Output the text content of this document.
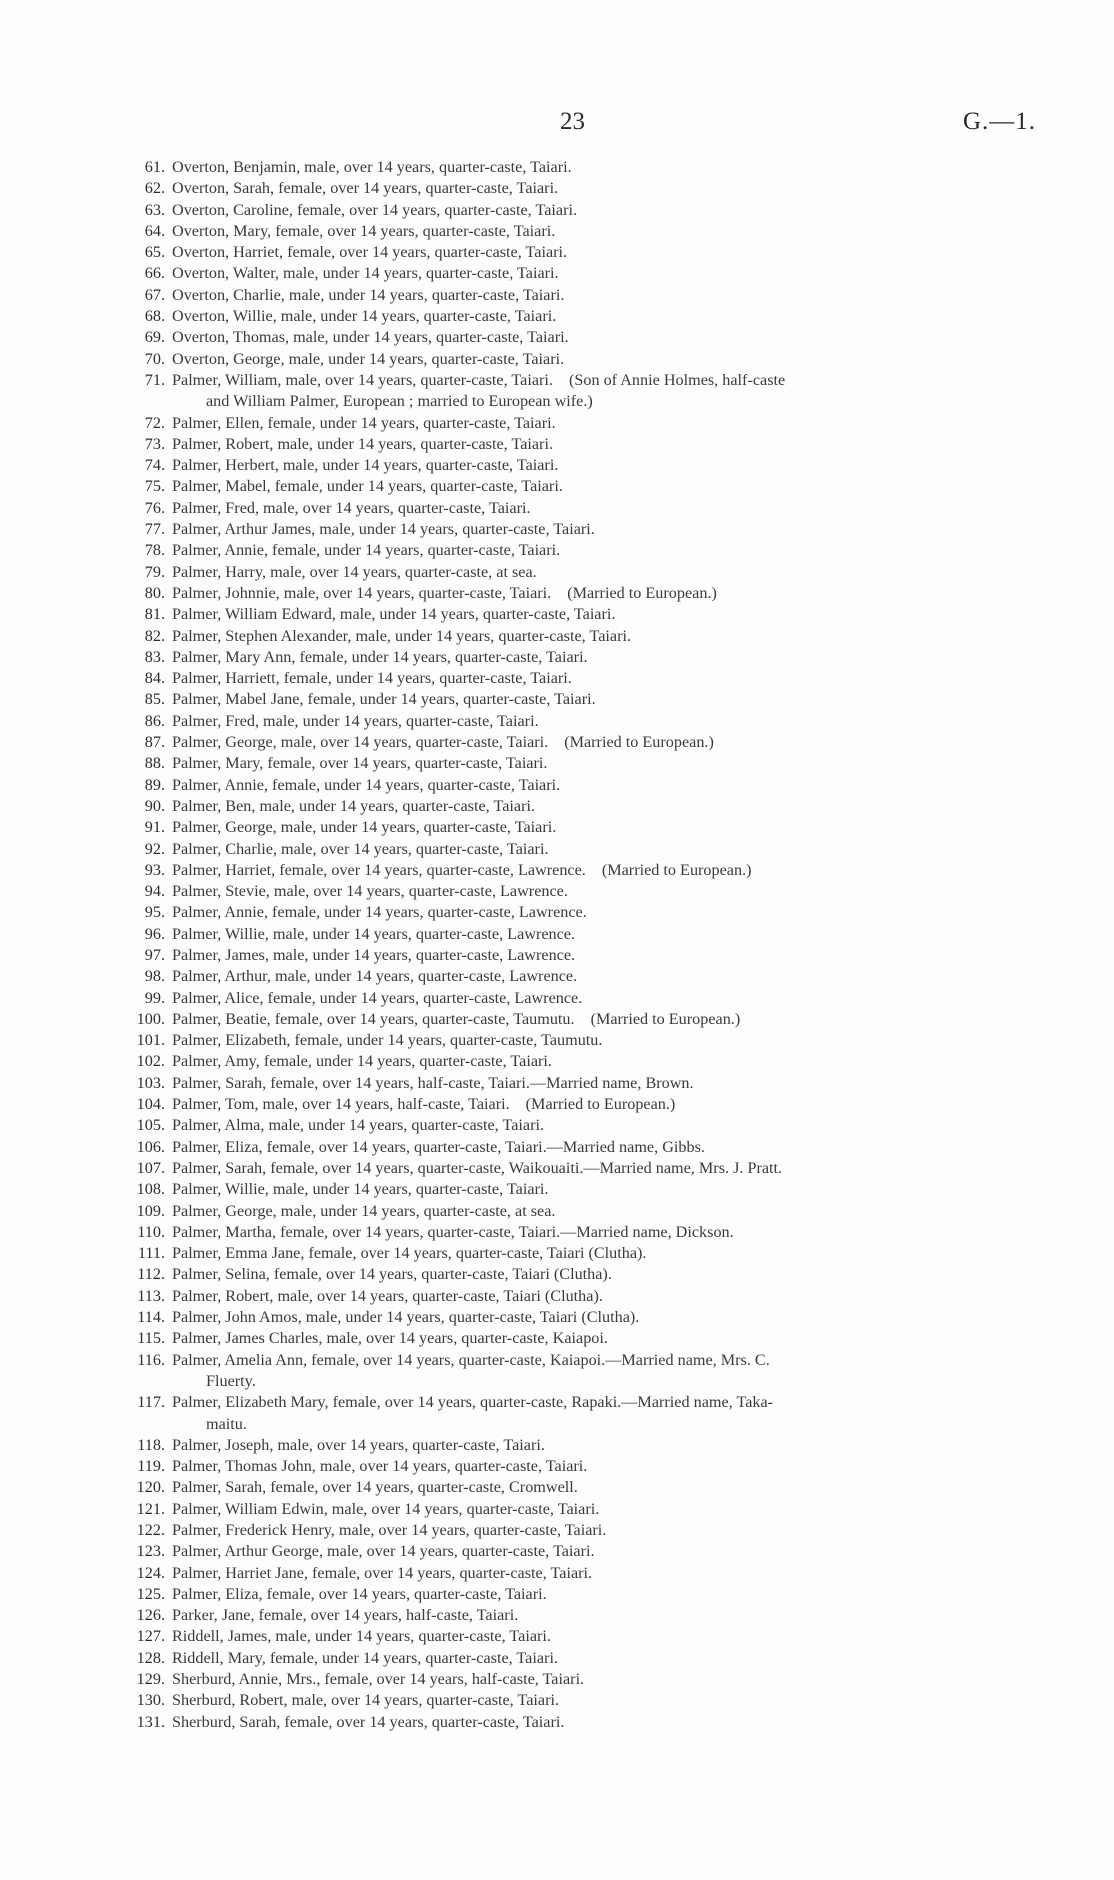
23	G.—1.
61. Overton, Benjamin, male, over 14 years, quarter-caste, Taiari.
62. Overton, Sarah, female, over 14 years, quarter-caste, Taiari.
63. Overton, Caroline, female, over 14 years, quarter-caste, Taiari.
64. Overton, Mary, female, over 14 years, quarter-caste, Taiari.
65. Overton, Harriet, female, over 14 years, quarter-caste, Taiari.
66. Overton, Walter, male, under 14 years, quarter-caste, Taiari.
67. Overton, Charlie, male, under 14 years, quarter-caste, Taiari.
68. Overton, Willie, male, under 14 years, quarter-caste, Taiari.
69. Overton, Thomas, male, under 14 years, quarter-caste, Taiari.
70. Overton, George, male, under 14 years, quarter-caste, Taiari.
71. Palmer, William, male, over 14 years, quarter-caste, Taiari. (Son of Annie Holmes, half-caste
and William Palmer, European ; married to European wife.)
72. Palmer, Ellen, female, under 14 years, quarter-caste, Taiari.
73. Palmer, Robert, male, under 14 years, quarter-caste, Taiari.
74. Palmer, Herbert, male, under 14 years, quarter-caste, Taiari.
75. Palmer, Mabel, female, under 14 years, quarter-caste, Taiari.
76. Palmer, Fred, male, over 14 years, quarter-caste, Taiari.
77. Palmer, Arthur James, male, under 14 years, quarter-caste, Taiari.
78. Palmer, Annie, female, under 14 years, quarter-caste, Taiari.
79. Palmer, Harry, male, over 14 years, quarter-caste, at sea.
80. Palmer, Johnnie, male, over 14 years, quarter-caste, Taiari. (Married to European.)
81. Palmer, William Edward, male, under 14 years, quarter-caste, Taiari.
82. Palmer, Stephen Alexander, male, under 14 years, quarter-caste, Taiari.
83. Palmer, Mary Ann, female, under 14 years, quarter-caste, Taiari.
84. Palmer, Harriett, female, under 14 years, quarter-caste, Taiari.
85. Palmer, Mabel Jane, female, under 14 years, quarter-caste, Taiari.
86. Palmer, Fred, male, under 14 years, quarter-caste, Taiari.
87. Palmer, George, male, over 14 years, quarter-caste, Taiari. (Married to European.)
88. Palmer, Mary, female, over 14 years, quarter-caste, Taiari.
89. Palmer, Annie, female, under 14 years, quarter-caste, Taiari.
90. Palmer, Ben, male, under 14 years, quarter-caste, Taiari.
91. Palmer, George, male, under 14 years, quarter-caste, Taiari.
92. Palmer, Charlie, male, over 14 years, quarter-caste, Taiari.
93. Palmer, Harriet, female, over 14 years, quarter-caste, Lawrence. (Married to European.)
94. Palmer, Stevie, male, over 14 years, quarter-caste, Lawrence.
95. Palmer, Annie, female, under 14 years, quarter-caste, Lawrence.
96. Palmer, Willie, male, under 14 years, quarter-caste, Lawrence.
97. Palmer, James, male, under 14 years, quarter-caste, Lawrence.
98. Palmer, Arthur, male, under 14 years, quarter-caste, Lawrence.
99. Palmer, Alice, female, under 14 years, quarter-caste, Lawrence.
100. Palmer, Beatie, female, over 14 years, quarter-caste, Taumutu. (Married to European.)
101. Palmer, Elizabeth, female, under 14 years, quarter-caste, Taumutu.
102. Palmer, Amy, female, under 14 years, quarter-caste, Taiari.
103. Palmer, Sarah, female, over 14 years, half-caste, Taiari.—Married name, Brown.
104. Palmer, Tom, male, over 14 years, half-caste, Taiari. (Married to European.)
105. Palmer, Alma, male, under 14 years, quarter-caste, Taiari.
106. Palmer, Eliza, female, over 14 years, quarter-caste, Taiari.—Married name, Gibbs.
107. Palmer, Sarah, female, over 14 years, quarter-caste, Waikouaiti.—Married name, Mrs. J. Pratt.
108. Palmer, Willie, male, under 14 years, quarter-caste, Taiari.
109. Palmer, George, male, under 14 years, quarter-caste, at sea.
110. Palmer, Martha, female, over 14 years, quarter-caste, Taiari.—Married name, Dickson.
111. Palmer, Emma Jane, female, over 14 years, quarter-caste, Taiari (Clutha).
112. Palmer, Selina, female, over 14 years, quarter-caste, Taiari (Clutha).
113. Palmer, Robert, male, over 14 years, quarter-caste, Taiari (Clutha).
114. Palmer, John Amos, male, under 14 years, quarter-caste, Taiari (Clutha).
115. Palmer, James Charles, male, over 14 years, quarter-caste, Kaiapoi.
116. Palmer, Amelia Ann, female, over 14 years, quarter-caste, Kaiapoi.—Married name, Mrs. C.
Fluerty.
117. Palmer, Elizabeth Mary, female, over 14 years, quarter-caste, Rapaki.—Married name, Taka-
maitu.
118. Palmer, Joseph, male, over 14 years, quarter-caste, Taiari.
119. Palmer, Thomas John, male, over 14 years, quarter-caste, Taiari.
120. Palmer, Sarah, female, over 14 years, quarter-caste, Cromwell.
121. Palmer, William Edwin, male, over 14 years, quarter-caste, Taiari.
122. Palmer, Frederick Henry, male, over 14 years, quarter-caste, Taiari.
123. Palmer, Arthur George, male, over 14 years, quarter-caste, Taiari.
124. Palmer, Harriet Jane, female, over 14 years, quarter-caste, Taiari.
125. Palmer, Eliza, female, over 14 years, quarter-caste, Taiari.
126. Parker, Jane, female, over 14 years, half-caste, Taiari.
127. Riddell, James, male, under 14 years, quarter-caste, Taiari.
128. Riddell, Mary, female, under 14 years, quarter-caste, Taiari.
129. Sherburd, Annie, Mrs., female, over 14 years, half-caste, Taiari.
130. Sherburd, Robert, male, over 14 years, quarter-caste, Taiari.
131. Sherburd, Sarah, female, over 14 years, quarter-caste, Taiari.
